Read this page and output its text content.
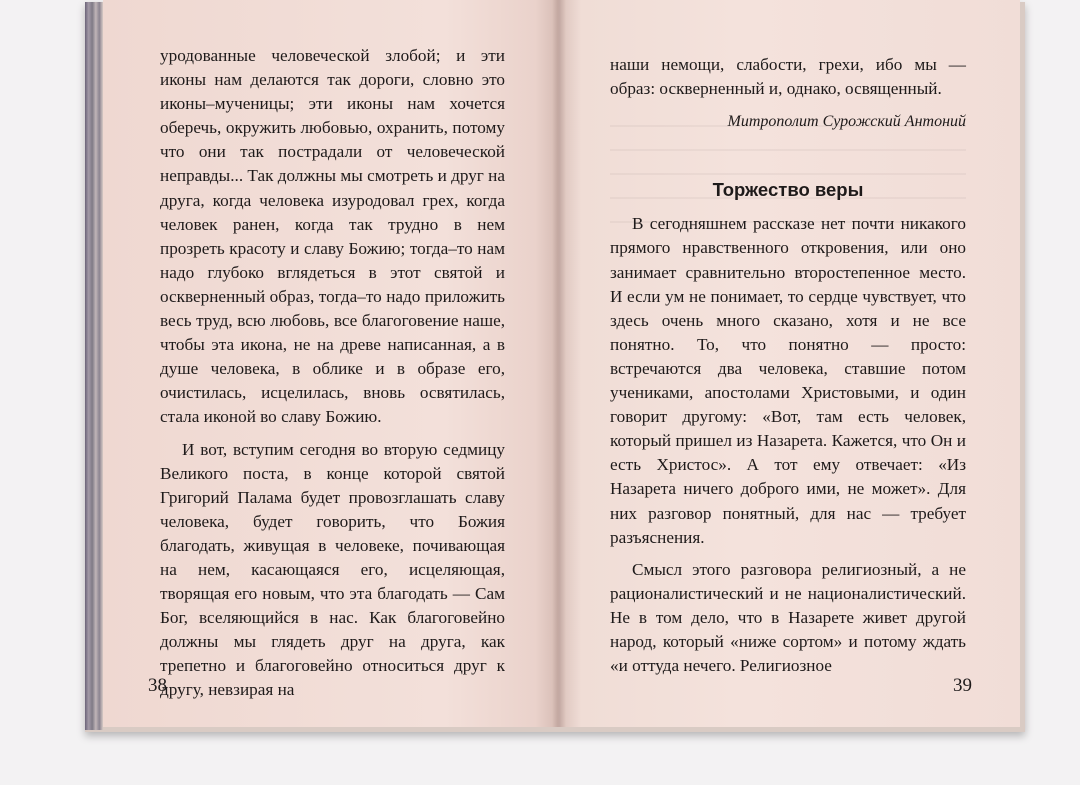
уродованные человеческой злобой; и эти иконы нам делаются так дороги, словно это иконы–мученицы; эти иконы нам хочется оберечь, окружить любовью, охранить, потому что они так пострадали от человеческой неправды... Так должны мы смотреть и друг на друга, когда человека изуродовал грех, когда человек ранен, когда так трудно в нем прозреть красоту и славу Божию; тогда–то нам надо глубоко вглядеться в этот святой и оскверненный образ, тогда–то надо приложить весь труд, всю любовь, все благоговение наше, чтобы эта икона, не на древе написанная, а в душе человека, в облике и в образе его, очистилась, исцелилась, вновь освятилась, стала иконой во славу Божию.

И вот, вступим сегодня во вторую седмицу Великого поста, в конце которой святой Григорий Палама будет провозглашать славу человека, будет говорить, что Божия благодать, живущая в человеке, почивающая на нем, касающаяся его, исцеляющая, творящая его новым, что эта благодать — Сам Бог, вселяющийся в нас. Как благоговейно должны мы глядеть друг на друга, как трепетно и благоговейно относиться друг к другу, невзирая на

38

наши немощи, слабости, грехи, ибо мы — образ: оскверненный и, однако, освященный.

Митрополит Сурожский Антоний
Торжество веры

В сегодняшнем рассказе нет почти никакого прямого нравственного откровения, или оно занимает сравнительно второстепенное место. И если ум не понимает, то сердце чувствует, что здесь очень много сказано, хотя и не все понятно. То, что понятно — просто: встречаются два человека, ставшие потом учениками, апостолами Христовыми, и один говорит другому: «Вот, там есть человек, который пришел из Назарета. Кажется, что Он и есть Христос». А тот ему отвечает: «Из Назарета ничего доброго ими, не может». Для них разговор понятный, для нас — требует разъяснения.

Смысл этого разговора религиозный, а не рационалистический и не националистический. Не в том дело, что в Назарете живет другой народ, который «ниже сортом» и потому ждать «и оттуда нечего. Религиозное

39
